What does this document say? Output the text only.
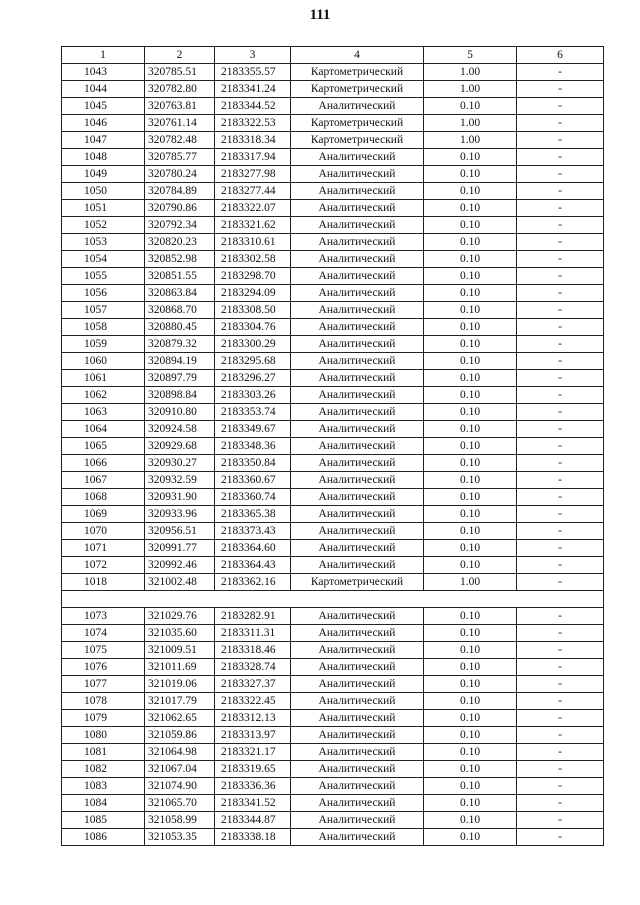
111
1	2	3	4	5	6
1043	320785.51	2183355.57	Картометрический	1.00	-
1044	320782.80	2183341.24	Картометрический	1.00	-
1045	320763.81	2183344.52	Аналитический	0.10	-
1046	320761.14	2183322.53	Картометрический	1.00	-
1047	320782.48	2183318.34	Картометрический	1.00	-
1048	320785.77	2183317.94	Аналитический	0.10	-
1049	320780.24	2183277.98	Аналитический	0.10	-
1050	320784.89	2183277.44	Аналитический	0.10	-
1051	320790.86	2183322.07	Аналитический	0.10	-
1052	320792.34	2183321.62	Аналитический	0.10	-
1053	320820.23	2183310.61	Аналитический	0.10	-
1054	320852.98	2183302.58	Аналитический	0.10	-
1055	320851.55	2183298.70	Аналитический	0.10	-
1056	320863.84	2183294.09	Аналитический	0.10	-
1057	320868.70	2183308.50	Аналитический	0.10	-
1058	320880.45	2183304.76	Аналитический	0.10	-
1059	320879.32	2183300.29	Аналитический	0.10	-
1060	320894.19	2183295.68	Аналитический	0.10	-
1061	320897.79	2183296.27	Аналитический	0.10	-
1062	320898.84	2183303.26	Аналитический	0.10	-
1063	320910.80	2183353.74	Аналитический	0.10	-
1064	320924.58	2183349.67	Аналитический	0.10	-
1065	320929.68	2183348.36	Аналитический	0.10	-
1066	320930.27	2183350.84	Аналитический	0.10	-
1067	320932.59	2183360.67	Аналитический	0.10	-
1068	320931.90	2183360.74	Аналитический	0.10	-
1069	320933.96	2183365.38	Аналитический	0.10	-
1070	320956.51	2183373.43	Аналитический	0.10	-
1071	320991.77	2183364.60	Аналитический	0.10	-
1072	320992.46	2183364.43	Аналитический	0.10	-
1018	321002.48	2183362.16	Картометрический	1.00	-

1073	321029.76	2183282.91	Аналитический	0.10	-
1074	321035.60	2183311.31	Аналитический	0.10	-
1075	321009.51	2183318.46	Аналитический	0.10	-
1076	321011.69	2183328.74	Аналитический	0.10	-
1077	321019.06	2183327.37	Аналитический	0.10	-
1078	321017.79	2183322.45	Аналитический	0.10	-
1079	321062.65	2183312.13	Аналитический	0.10	-
1080	321059.86	2183313.97	Аналитический	0.10	-
1081	321064.98	2183321.17	Аналитический	0.10	-
1082	321067.04	2183319.65	Аналитический	0.10	-
1083	321074.90	2183336.36	Аналитический	0.10	-
1084	321065.70	2183341.52	Аналитический	0.10	-
1085	321058.99	2183344.87	Аналитический	0.10	-
1086	321053.35	2183338.18	Аналитический	0.10	-
